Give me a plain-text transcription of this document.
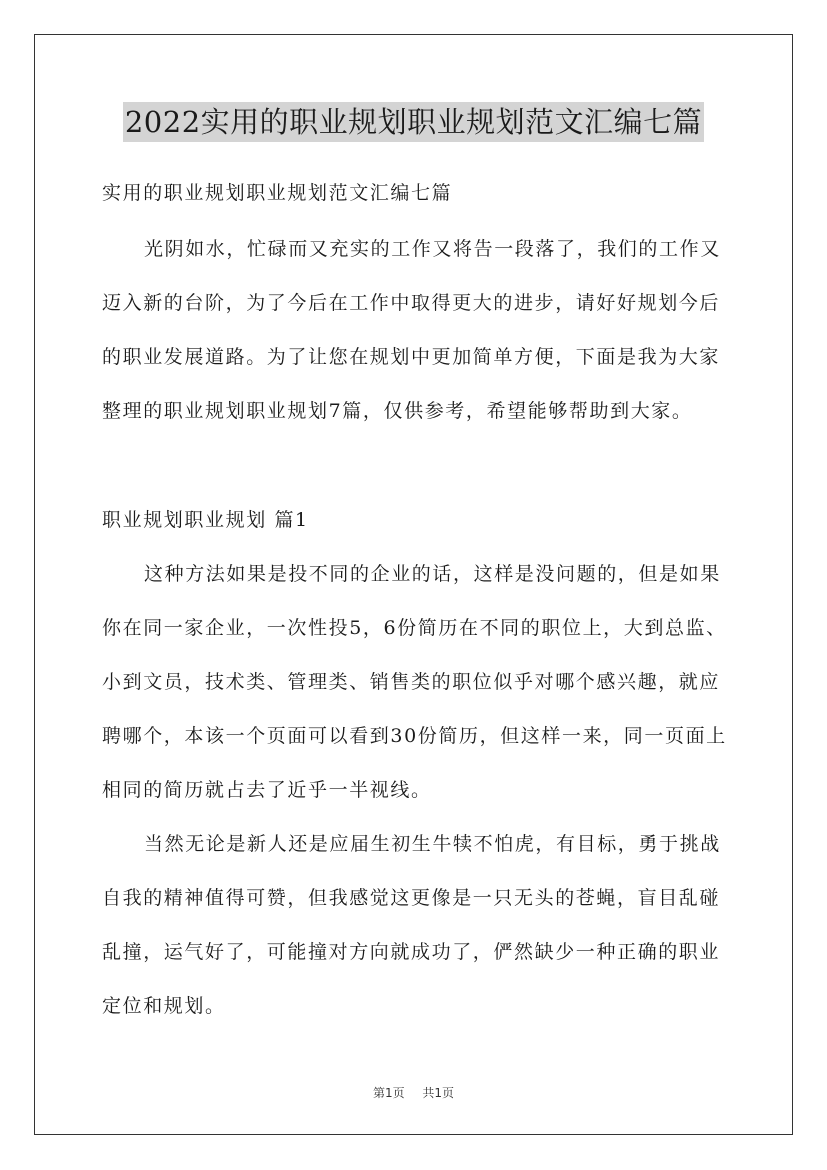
2022实用的职业规划职业规划范文汇编七篇

实用的职业规划职业规划范文汇编七篇

光阴如水，忙碌而又充实的工作又将告一段落了，我们的工作又

迈入新的台阶，为了今后在工作中取得更大的进步，请好好规划今后

的职业发展道路。为了让您在规划中更加简单方便，下面是我为大家

整理的职业规划职业规划7篇，仅供参考，希望能够帮助到大家。

职业规划职业规划 篇1

这种方法如果是投不同的企业的话，这样是没问题的，但是如果

你在同一家企业，一次性投5，6份简历在不同的职位上，大到总监、

小到文员，技术类、管理类、销售类的职位似乎对哪个感兴趣，就应

聘哪个，本该一个页面可以看到30份简历，但这样一来，同一页面上

相同的简历就占去了近乎一半视线。

当然无论是新人还是应届生初生牛犊不怕虎，有目标，勇于挑战

自我的精神值得可赞，但我感觉这更像是一只无头的苍蝇，盲目乱碰

乱撞，运气好了，可能撞对方向就成功了，俨然缺少一种正确的职业

定位和规划。

第1页 共1页
